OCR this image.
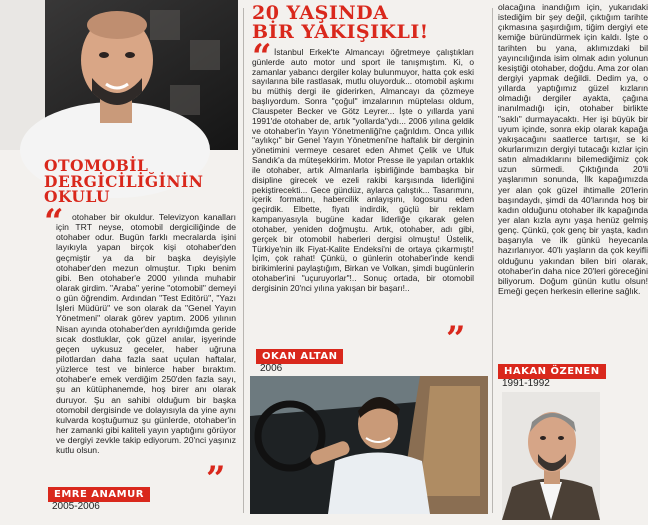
OTOMOBİL
DERGİCİLİĞİNİN
OKULU
“ otohaber bir okuldur. Televizyon kanalları için TRT neyse, otomobil dergiciliğinde de otohaber odur. Bugün farklı mecralarda işini layıkıyla yapan birçok kişi otohaber'den geçmiştir ya da bir başka deyişiyle otohaber'den mezun olmuştur. Tıpkı benim gibi. Ben otohaber'e 2000 yılında muhabir olarak girdim. "Araba" yerine "otomobil" demeyi o gün öğrendim. Ardından "Test Editörü", "Yazı İşleri Müdürü" ve son olarak da "Genel Yayın Yönetmeni" olarak görev yaptım. 2006 yılının Nisan ayında otohaber'den ayrıldığımda geride sıcak dostluklar, çok güzel anılar, işyerinde geçen uykusuz geceler, haber uğruna pilotlardan daha fazla saat uçulan haftalar, yüzlerce test ve binlerce haber bıraktım. otohaber'e emek verdiğim 250'den fazla sayı, şu an kütüphanemde, hoş birer anı olarak duruyor. Şu an sahibi olduğum bir başka otomobil dergisinde ve dolayısıyla da yine aynı kulvarda koştuğumuz şu günlerde, otohaber'in her zamanki gibi kaliteli yayın yaptığını görüyor ve dergiyi zevkle takip ediyorum. 20'nci yaşınız kutlu olsun.
”
EMRE ANAMUR
2005-2006
20 YAŞINDA
BİR YAKIŞIKLI!
“ İstanbul Erkek'te Almancayı öğretmeye çalıştıkları günlerde auto motor und sport ile tanışmıştım. Ki, o zamanlar yabancı dergiler kolay bulunmuyor, hatta çok eski sayılarına bile rastlasak, mutlu oluyorduk... otomobil aşkımı bu müthiş dergi ile giderirken, Almancayı da çözmeye başlıyordum. Sonra "çoğul" imzalarının müptelası oldum, Clauspeter Becker ve Götz Leyrer... İşte o yıllarda yani 1991'de otohaber de, artık "yollarda"ydı... 2006 yılına geldik ve otohaber'in Yayın Yönetmenliği'ne çağrıldım. Onca yıllık "aylıkçı" bir Genel Yayın Yönetmeni'ne haftalık bir derginin yönetimini vermeye cesaret eden Ahmet Çelik ve Ufuk Sandık'a da müteşekkirim. Motor Presse ile yapılan ortaklık ile otohaber, artık Almanlarla işbirliğinde bambaşka bir disipline girecek ve ezeli rakibi karşısında liderliğini pekiştirecekti... Gece gündüz, aylarca çalıştık... Tasarımını, içerik formatını, habercilik anlayışını, logosunu eden geçirdik. Elbette, fiyatı indirdik, güçlü bir reklam kampanyasıyla bugüne kadar liderliğe çıkarak gelen otohaber, yeniden doğmuştu. Artık, otohaber, adı gibi, gerçek bir otomobil haberleri dergisi olmuştu! Üstelik, Türkiye'nin ilk Fiyat-Kalite Endeksi'ni de ortaya çıkarmıştı! İçim, çok rahat! Çünkü, o günlerin otohaber'inde kendi birikimlerini paylaştığım, Birkan ve Volkan, şimdi bugünlerin otohaber'ini "uçuruyorlar"!.. Sonuç ortada, bir otomobil dergisinin 20'nci yılına yakışan bir başarı!..
”
OKAN ALTAN
2006
olacağına inandığım için, yukarıdaki istediğim bir şey değil, çıktığım tarihte çıkmasına şaşırdığım, tiğim dergiyi ete kemiğe büründürmek için kaldı. İşte o tarihten bu yana, aklımızdaki bil yayıncılığında isim olmak adın yolunun kesiştiği otohaber, doğdu. Ama zor olan dergiyi yapmak değildi. Dedim ya, o yıllarda yaptığımız güzel kızların olmadığı dergiler ayakta, çağına inanılmadığı için, otohaber birlikte "saklı" durmayacaktı. Her işi büyük bir uyum içinde, sonra ekip olarak kapağa yakışacağını saatlerce tartışır, se ki okurlarımızın dergiyi tutacağı kızlar için satın almadıklarını bilemediğimiz çok uzun sürmedi. Çıktığında 20'li yaşlarımın sonunda, İlk kapağımızda yer alan çok güzel ihtimalle 20'lerin başındaydı, şimdi da 40'larında hoş bir kadın olduğunu otohaber ilk kapağında yer alan kızla aynı yaşa henüz gelmiş genç. Çünkü, çok genç bir yaşta, kadın başarıyla ve ilk günkü heyecanla hazırlanıyor. 40'lı yaşların da çok keyifli olduğunu yakından bilen biri olarak, otohaber'in daha nice 20'leri göreceğini biliyorum. Doğum günün kutlu olsun! Emeği geçen herkesin ellerine sağlık.
HAKAN ÖZENEN
1991-1992
